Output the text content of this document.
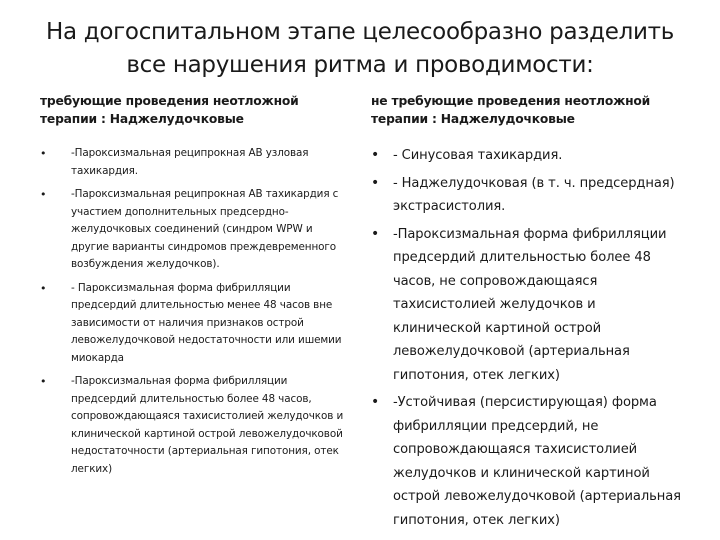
На догоспитальном этапе целесообразно разделить все нарушения ритма и проводимости:

требующие проведения неотложной терапии : Наджелудочковые

• -Пароксизмальная реципрокная АВ узловая тахикардия.
• -Пароксизмальная реципрокная АВ тахикардия с участием дополнительных предсердно-желудочковых соединений (синдром WPW и другие варианты синдромов преждевременного возбуждения желудочков).
• - Пароксизмальная форма фибрилляции предсердий длительностью менее 48 часов вне зависимости от наличия признаков острой левожелудочковой недостаточности или ишемии миокарда
• -Пароксизмальная форма фибрилляции предсердий длительностью более 48 часов, сопровождающаяся тахисистолией желудочков и клинической картиной острой левожелудочковой недостаточности (артериальная гипотония, отек легких)

не требующие проведения неотложной терапии : Наджелудочковые

• - Синусовая тахикардия.
• - Наджелудочковая (в т. ч. предсердная) экстрасистолия.
• -Пароксизмальная форма фибрилляции предсердий длительностью более 48 часов, не сопровождающаяся тахисистолией желудочков и клинической картиной острой левожелудочковой (артериальная гипотония, отек легких)
• -Устойчивая (персистирующая) форма фибрилляции предсердий, не сопровождающаяся тахисистолией желудочков и клинической картиной острой левожелудочковой (артериальная гипотония, отек легких)
